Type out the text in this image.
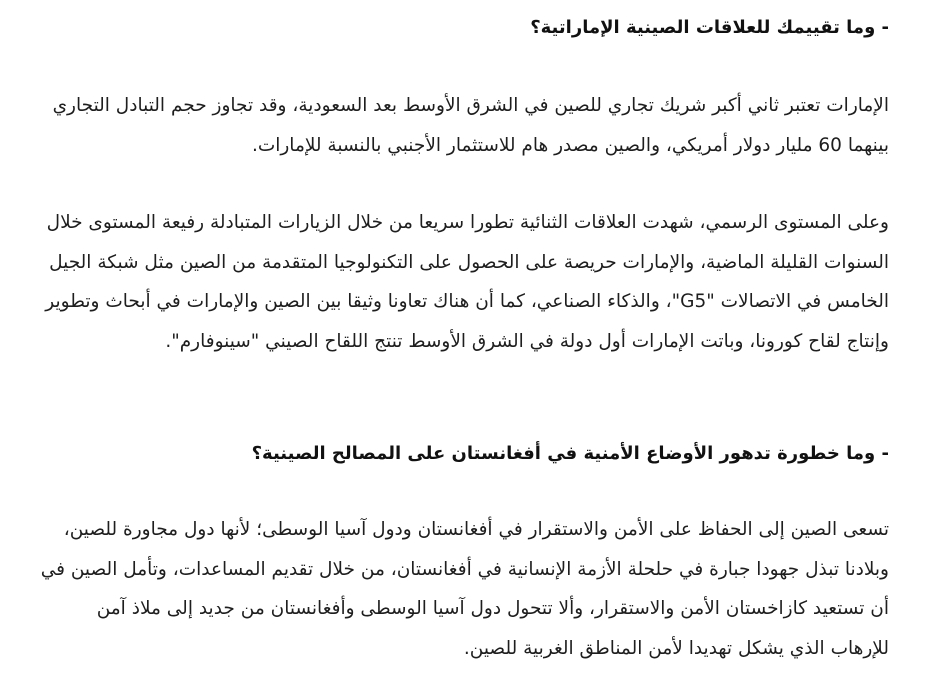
- وما تقييمك للعلاقات الصينية الإماراتية؟

الإمارات تعتبر ثاني أكبر شريك تجاري للصين في الشرق الأوسط بعد السعودية، وقد تجاوز حجم التبادل التجاري بينهما 60 مليار دولار أمريكي، والصين مصدر هام للاستثمار الأجنبي بالنسبة للإمارات.

وعلى المستوى الرسمي، شهدت العلاقات الثنائية تطورا سريعا من خلال الزيارات المتبادلة رفيعة المستوى خلال السنوات القليلة الماضية، والإمارات حريصة على الحصول على التكنولوجيا المتقدمة من الصين مثل شبكة الجيل الخامس في الاتصالات "G5"، والذكاء الصناعي، كما أن هناك تعاونا وثيقا بين الصين والإمارات في أبحاث وتطوير وإنتاج لقاح كورونا، وباتت الإمارات أول دولة في الشرق الأوسط تنتج اللقاح الصيني "سينوفارم".

- وما خطورة تدهور الأوضاع الأمنية في أفغانستان على المصالح الصينية؟

تسعى الصين إلى الحفاظ على الأمن والاستقرار في أفغانستان ودول آسيا الوسطى؛ لأنها دول مجاورة للصين، وبلادنا تبذل جهودا جبارة في حلحلة الأزمة الإنسانية في أفغانستان، من خلال تقديم المساعدات، وتأمل الصين في أن تستعيد كازاخستان الأمن والاستقرار، وألا تتحول دول آسيا الوسطى وأفغانستان من جديد إلى ملاذ آمن للإرهاب الذي يشكل تهديدا لأمن المناطق الغربية للصين.
